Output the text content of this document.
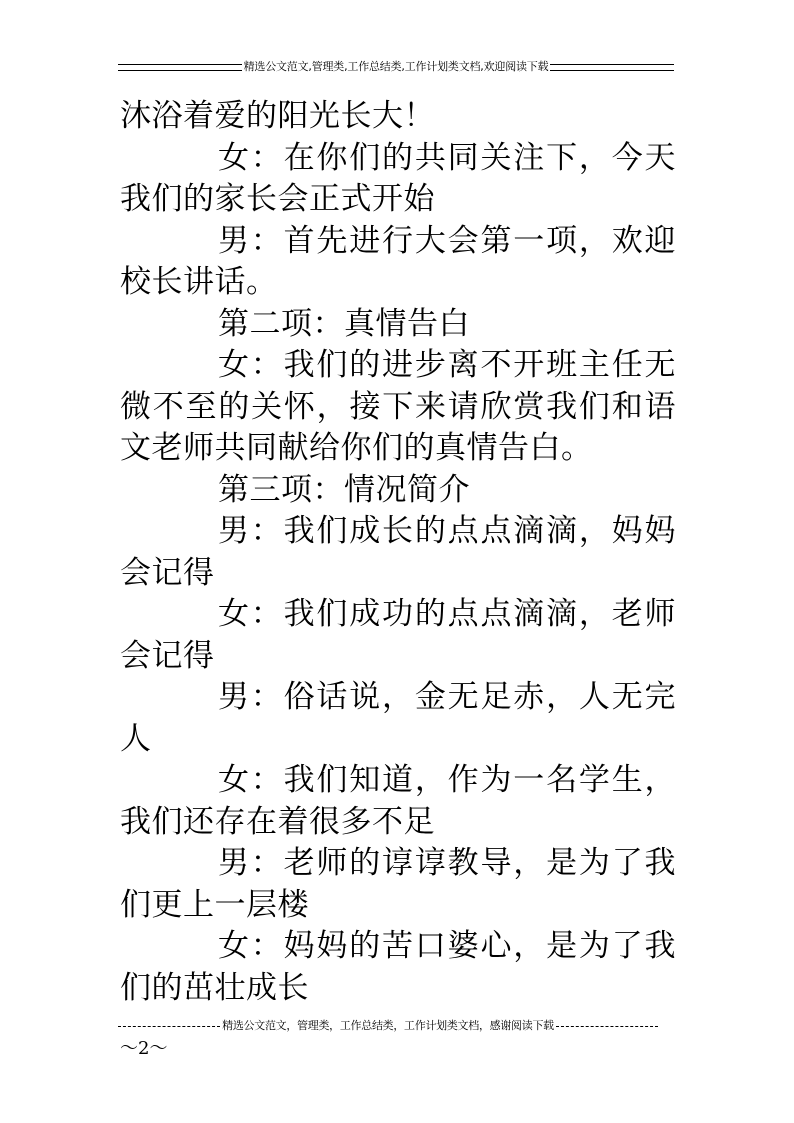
精选公文范文,管理类,工作总结类,工作计划类文档,欢迎阅读下载

沐浴着爱的阳光长大！

女：在你们的共同关注下，今天我们的家长会正式开始

男：首先进行大会第一项，欢迎校长讲话。

第二项：真情告白

女：我们的进步离不开班主任无微不至的关怀，接下来请欣赏我们和语文老师共同献给你们的真情告白。

第三项：情况简介

男：我们成长的点点滴滴，妈妈会记得

女：我们成功的点点滴滴，老师会记得

男：俗话说，金无足赤，人无完人

女：我们知道，作为一名学生，我们还存在着很多不足

男：老师的谆谆教导，是为了我们更上一层楼

女：妈妈的苦口婆心，是为了我们的茁壮成长

精选公文范文，管理类，工作总结类，工作计划类文档，感谢阅读下载
～2～
